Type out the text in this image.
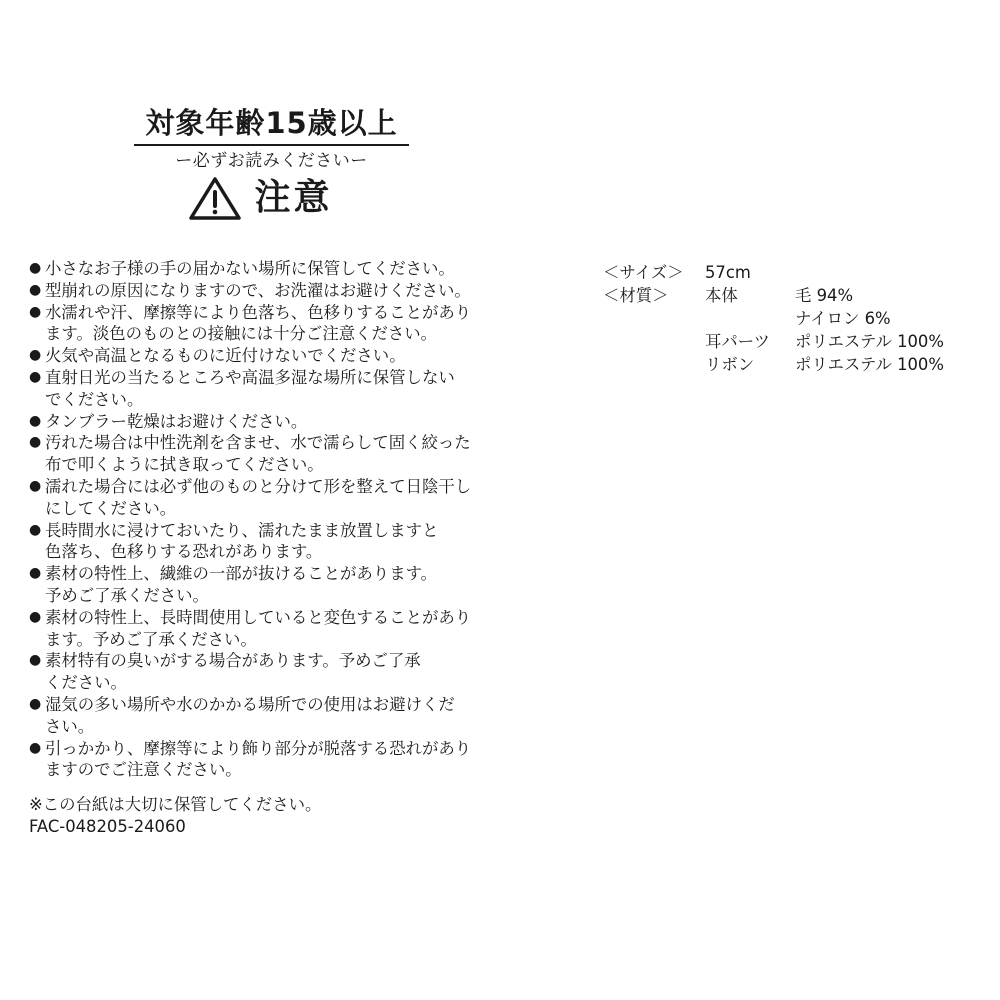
対象年齢15歳以上
ー必ずお読みくださいー
注意
● 小さなお子様の手の届かない場所に保管してください。
● 型崩れの原因になりますので、お洗濯はお避けください。
● 水濡れや汗、摩擦等により色落ち、色移りすることがあり
ます。淡色のものとの接触には十分ご注意ください。
● 火気や高温となるものに近付けないでください。
● 直射日光の当たるところや高温多湿な場所に保管しない
でください。
● タンブラー乾燥はお避けください。
● 汚れた場合は中性洗剤を含ませ、水で濡らして固く絞った
布で叩くように拭き取ってください。
● 濡れた場合には必ず他のものと分けて形を整えて日陰干し
にしてください。
● 長時間水に浸けておいたり、濡れたまま放置しますと
色落ち、色移りする恐れがあります。
● 素材の特性上、繊維の一部が抜けることがあります。
予めご了承ください。
● 素材の特性上、長時間使用していると変色することがあり
ます。予めご了承ください。
● 素材特有の臭いがする場合があります。予めご了承
ください。
● 湿気の多い場所や水のかかる場所での使用はお避けくだ
さい。
● 引っかかり、摩擦等により飾り部分が脱落する恐れがあり
ますのでご注意ください。
※この台紙は大切に保管してください。
FAC-048205-24060
＜サイズ＞ 57cm
＜材質＞ 本体	毛 94%
ナイロン 6%
耳パーツ ポリエステル 100%
リボン ポリエステル 100%
